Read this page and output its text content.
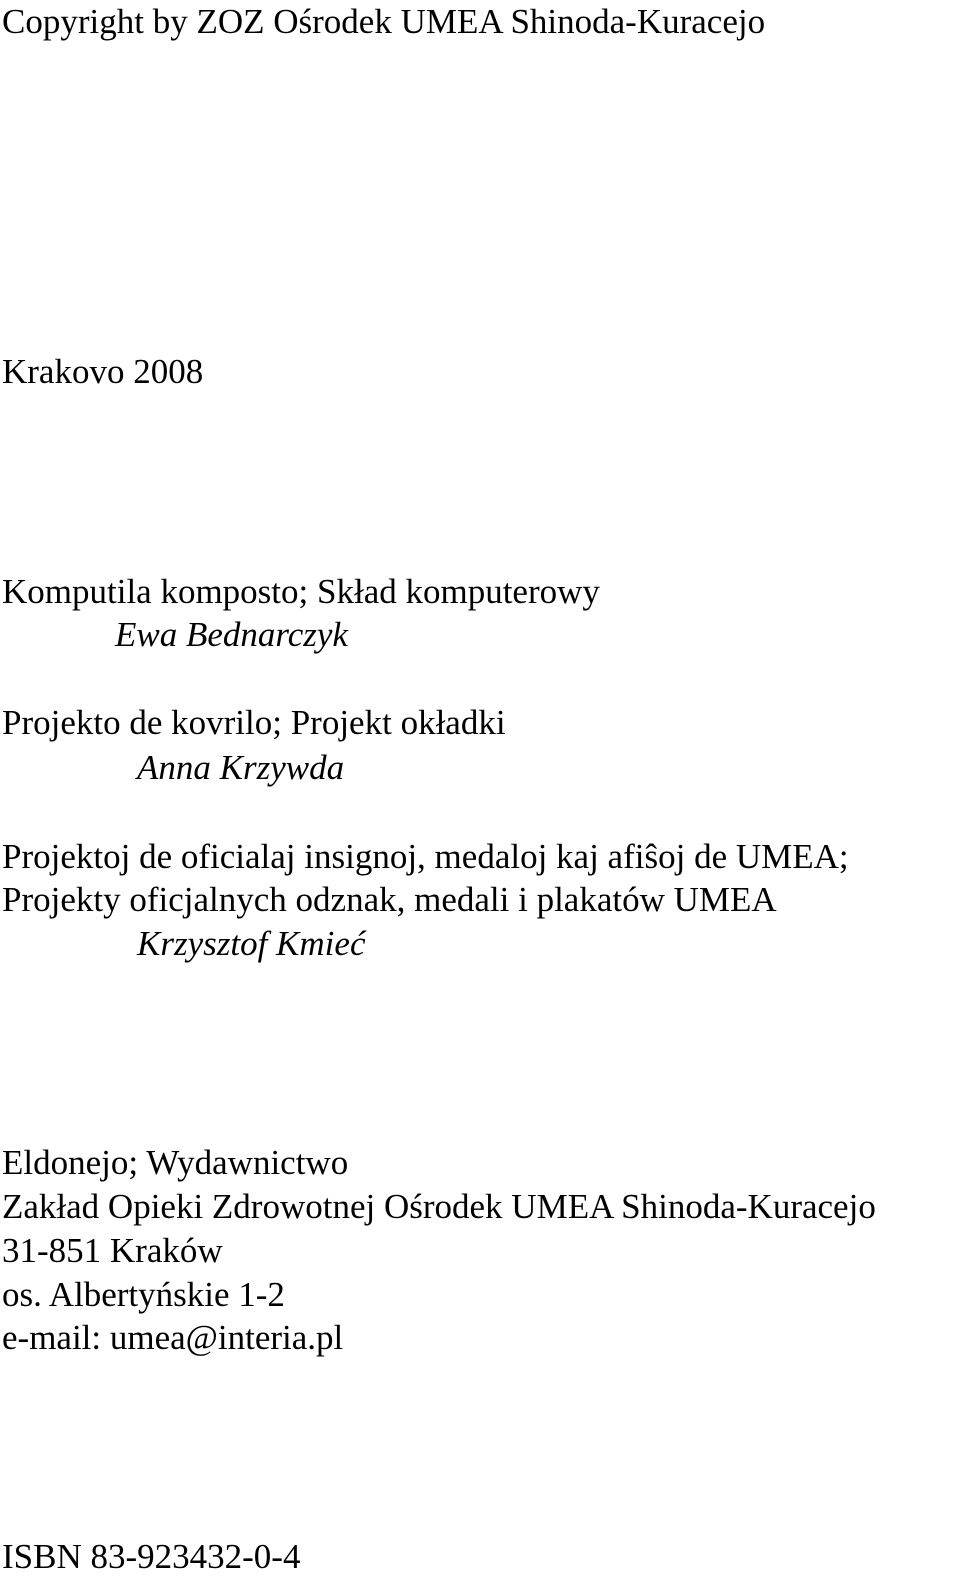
Copyright by ZOZ Ośrodek UMEA Shinoda-Kuracejo

Krakovo 2008

Komputila komposto; Skład komputerowy

Ewa Bednarczyk

Projekto de kovrilo; Projekt okładki

Anna Krzywda

Projektoj de oficialaj insignoj, medaloj kaj afiŝoj de UMEA;

Projekty oficjalnych odznak, medali i plakatów UMEA

Krzysztof Kmieć

Eldonejo; Wydawnictwo

Zakład Opieki Zdrowotnej Ośrodek UMEA Shinoda-Kuracejo

31-851 Kraków

os. Albertyńskie 1-2

e-mail: umea@interia.pl

ISBN 83-923432-0-4
